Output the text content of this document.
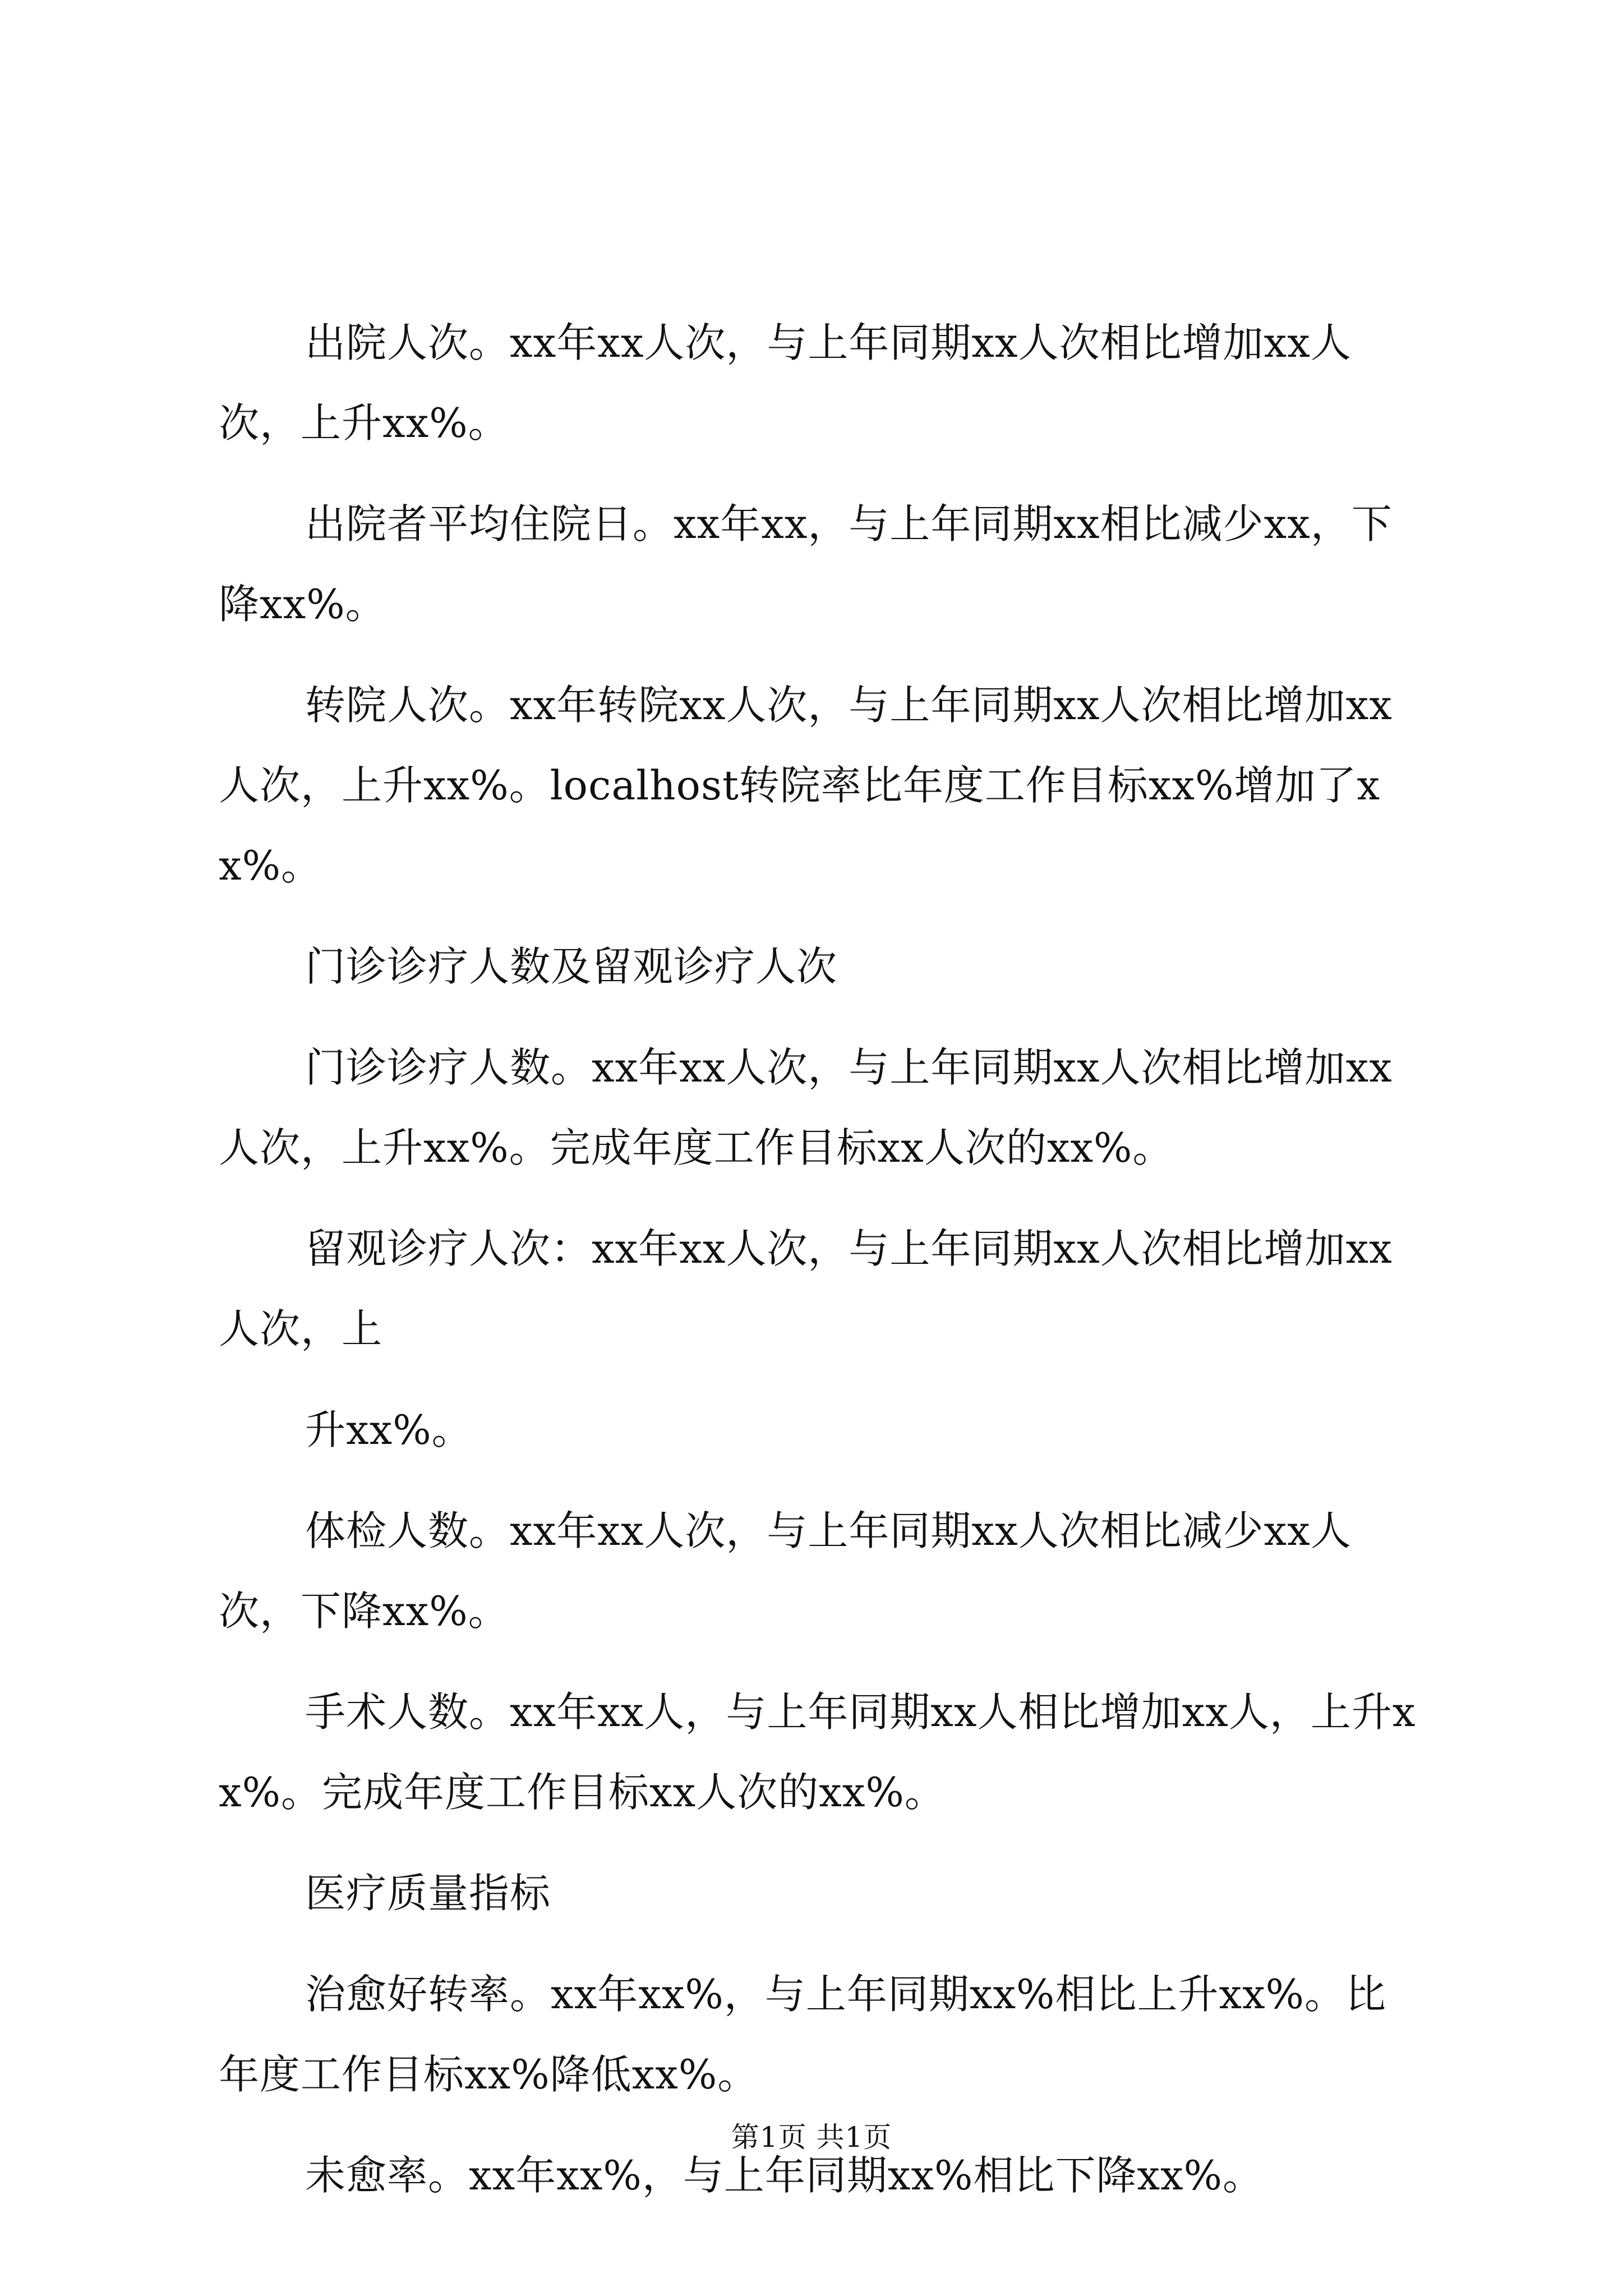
出院人次。xx年xx人次，与上年同期xx人次相比增加xx人次，上升xx%。

出院者平均住院日。xx年xx，与上年同期xx相比减少xx，下降xx%。

转院人次。xx年转院xx人次，与上年同期xx人次相比增加xx人次，上升xx%。localhost转院率比年度工作目标xx%增加了xx%。

门诊诊疗人数及留观诊疗人次

门诊诊疗人数。xx年xx人次，与上年同期xx人次相比增加xx人次，上升xx%。完成年度工作目标xx人次的xx%。

留观诊疗人次：xx年xx人次，与上年同期xx人次相比增加xx人次，上

升xx%。

体检人数。xx年xx人次，与上年同期xx人次相比减少xx人次，下降xx%。

手术人数。xx年xx人，与上年同期xx人相比增加xx人，上升xx%。完成年度工作目标xx人次的xx%。

医疗质量指标

治愈好转率。xx年xx%，与上年同期xx%相比上升xx%。比年度工作目标xx%降低xx%。

未愈率。xx年xx%，与上年同期xx%相比下降xx%。

第1页 共1页
